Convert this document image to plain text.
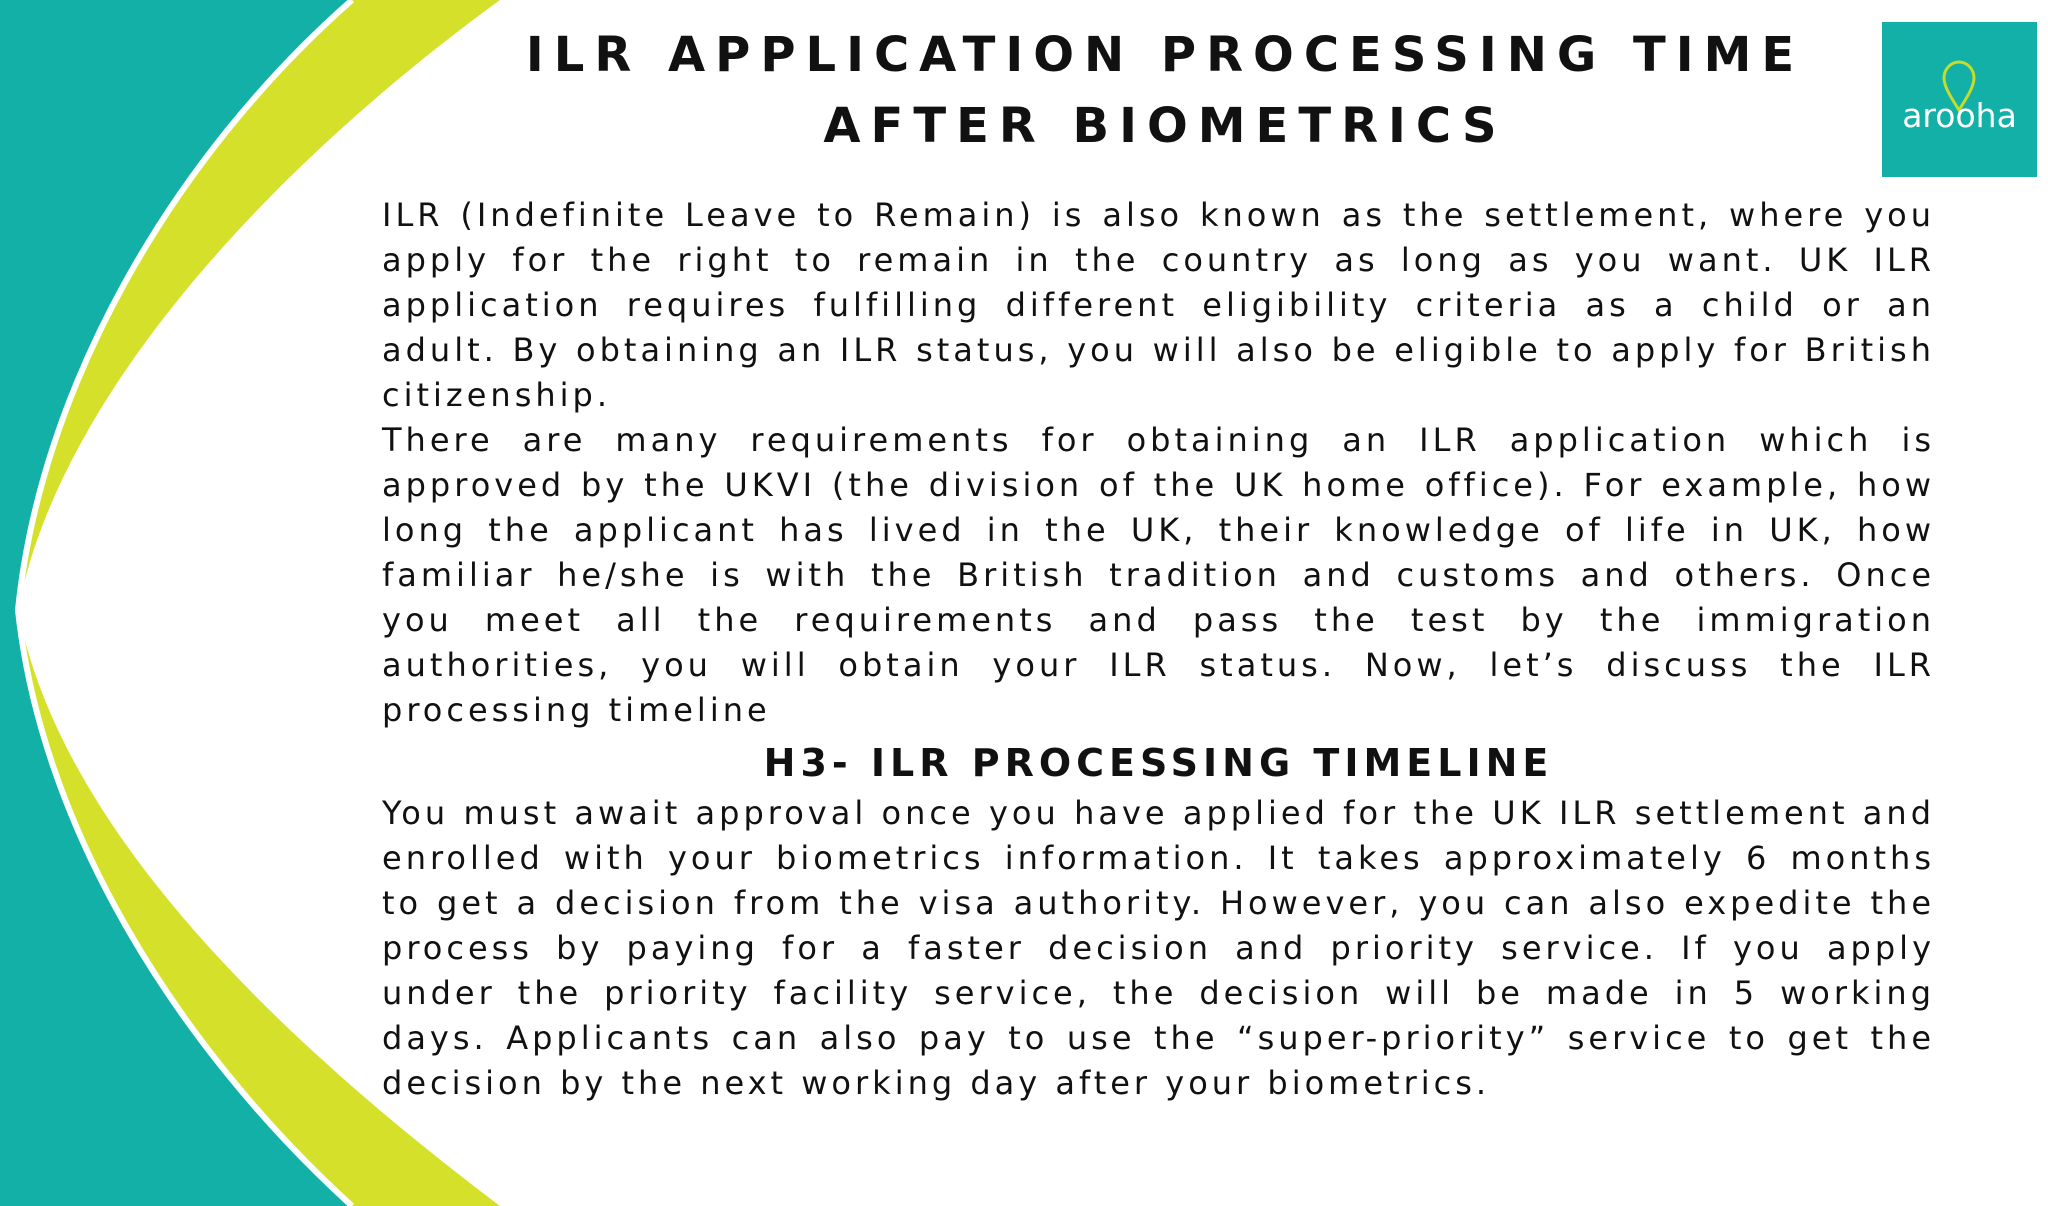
ILR APPLICATION PROCESSING TIME AFTER BIOMETRICS	arooha

ILR (Indefinite Leave to Remain) is also known as the settlement, where you apply for the right to remain in the country as long as you want. UK ILR application requires fulfilling different eligibility criteria as a child or an adult. By obtaining an ILR status, you will also be eligible to apply for British citizenship.

There are many requirements for obtaining an ILR application which is approved by the UKVI (the division of the UK home office). For example, how long the applicant has lived in the UK, their knowledge of life in UK, how familiar he/she is with the British tradition and customs and others. Once you meet all the requirements and pass the test by the immigration authorities, you will obtain your ILR status. Now, let’s discuss the ILR processing timeline

H3- ILR PROCESSING TIMELINE

You must await approval once you have applied for the UK ILR settlement and enrolled with your biometrics information. It takes approximately 6 months to get a decision from the visa authority. However, you can also expedite the process by paying for a faster decision and priority service. If you apply under the priority facility service, the decision will be made in 5 working days. Applicants can also pay to use the “super-priority” service to get the decision by the next working day after your biometrics.
